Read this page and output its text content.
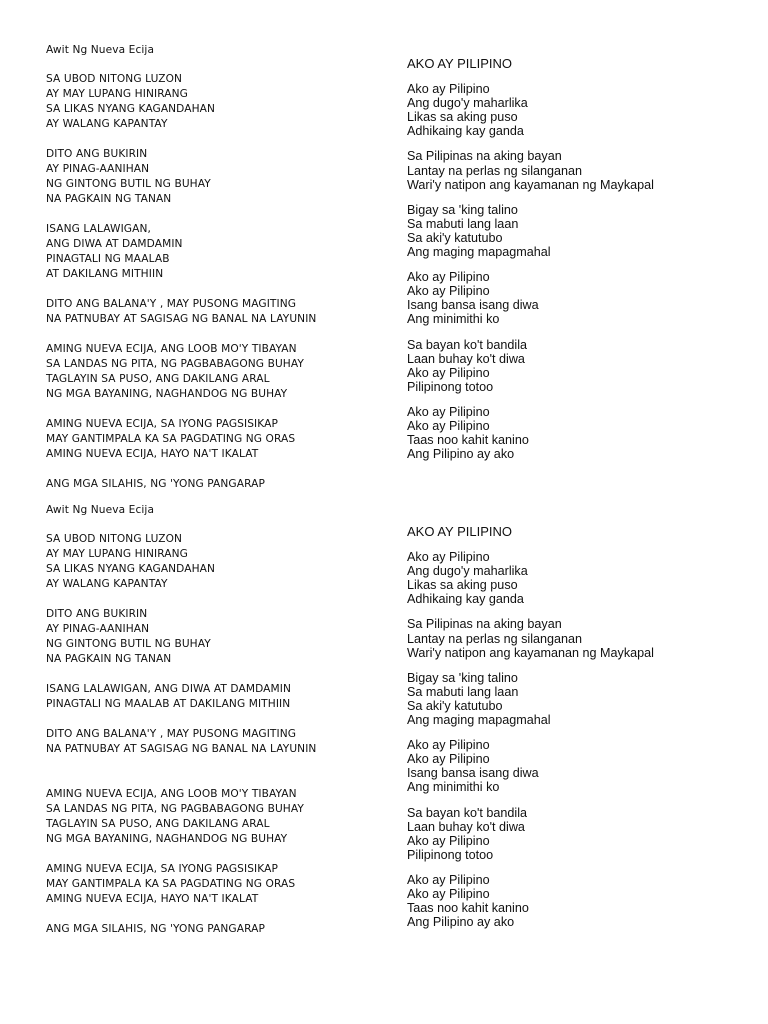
Awit Ng Nueva Ecija
SA UBOD NITONG LUZON
AY MAY LUPANG HINIRANG
SA LIKAS NYANG KAGANDAHAN
AY WALANG KAPANTAY
DITO ANG BUKIRIN
AY PINAG-AANIHAN
NG GINTONG BUTIL NG BUHAY
NA PAGKAIN NG TANAN
ISANG LALAWIGAN,
ANG DIWA AT DAMDAMIN
PINAGTALI NG MAALAB
AT DAKILANG MITHIIN
DITO ANG BALANA'Y , MAY PUSONG MAGITING
NA PATNUBAY AT SAGISAG NG BANAL NA LAYUNIN
AMING NUEVA ECIJA, ANG LOOB MO'Y TIBAYAN
SA LANDAS NG PITA, NG PAGBABAGONG BUHAY
TAGLAYIN SA PUSO, ANG DAKILANG ARAL
NG MGA BAYANING, NAGHANDOG NG BUHAY
AMING NUEVA ECIJA, SA IYONG PAGSISIKAP
MAY GANTIMPALA KA SA PAGDATING NG ORAS
AMING NUEVA ECIJA, HAYO NA'T IKALAT
ANG MGA SILAHIS, NG 'YONG PANGARAP
AKO AY PILIPINO
Ako ay Pilipino
Ang dugo'y maharlika
Likas sa aking puso
Adhikaing kay ganda
Sa Pilipinas na aking bayan
Lantay na perlas ng silanganan
Wari'y natipon ang kayamanan ng Maykapal
Bigay sa 'king talino
Sa mabuti lang laan
Sa aki'y katutubo
Ang maging mapagmahal
Ako ay Pilipino
Ako ay Pilipino
Isang bansa isang diwa
Ang minimithi ko
Sa bayan ko't bandila
Laan buhay ko't diwa
Ako ay Pilipino
Pilipinong totoo
Ako ay Pilipino
Ako ay Pilipino
Taas noo kahit kanino
Ang Pilipino ay ako
Awit Ng Nueva Ecija
SA UBOD NITONG LUZON
AY MAY LUPANG HINIRANG
SA LIKAS NYANG KAGANDAHAN
AY WALANG KAPANTAY
DITO ANG BUKIRIN
AY PINAG-AANIHAN
NG GINTONG BUTIL NG BUHAY
NA PAGKAIN NG TANAN
ISANG LALAWIGAN, ANG DIWA AT DAMDAMIN
PINAGTALI NG MAALAB AT DAKILANG MITHIIN
DITO ANG BALANA'Y , MAY PUSONG MAGITING
NA PATNUBAY AT SAGISAG NG BANAL NA LAYUNIN
AMING NUEVA ECIJA, ANG LOOB MO'Y TIBAYAN
SA LANDAS NG PITA, NG PAGBABAGONG BUHAY
TAGLAYIN SA PUSO, ANG DAKILANG ARAL
NG MGA BAYANING, NAGHANDOG NG BUHAY
AMING NUEVA ECIJA, SA IYONG PAGSISIKAP
MAY GANTIMPALA KA SA PAGDATING NG ORAS
AMING NUEVA ECIJA, HAYO NA'T IKALAT
ANG MGA SILAHIS, NG 'YONG PANGARAP
AKO AY PILIPINO
Ako ay Pilipino
Ang dugo'y maharlika
Likas sa aking puso
Adhikaing kay ganda
Sa Pilipinas na aking bayan
Lantay na perlas ng silanganan
Wari'y natipon ang kayamanan ng Maykapal
Bigay sa 'king talino
Sa mabuti lang laan
Sa aki'y katutubo
Ang maging mapagmahal
Ako ay Pilipino
Ako ay Pilipino
Isang bansa isang diwa
Ang minimithi ko
Sa bayan ko't bandila
Laan buhay ko't diwa
Ako ay Pilipino
Pilipinong totoo
Ako ay Pilipino
Ako ay Pilipino
Taas noo kahit kanino
Ang Pilipino ay ako
